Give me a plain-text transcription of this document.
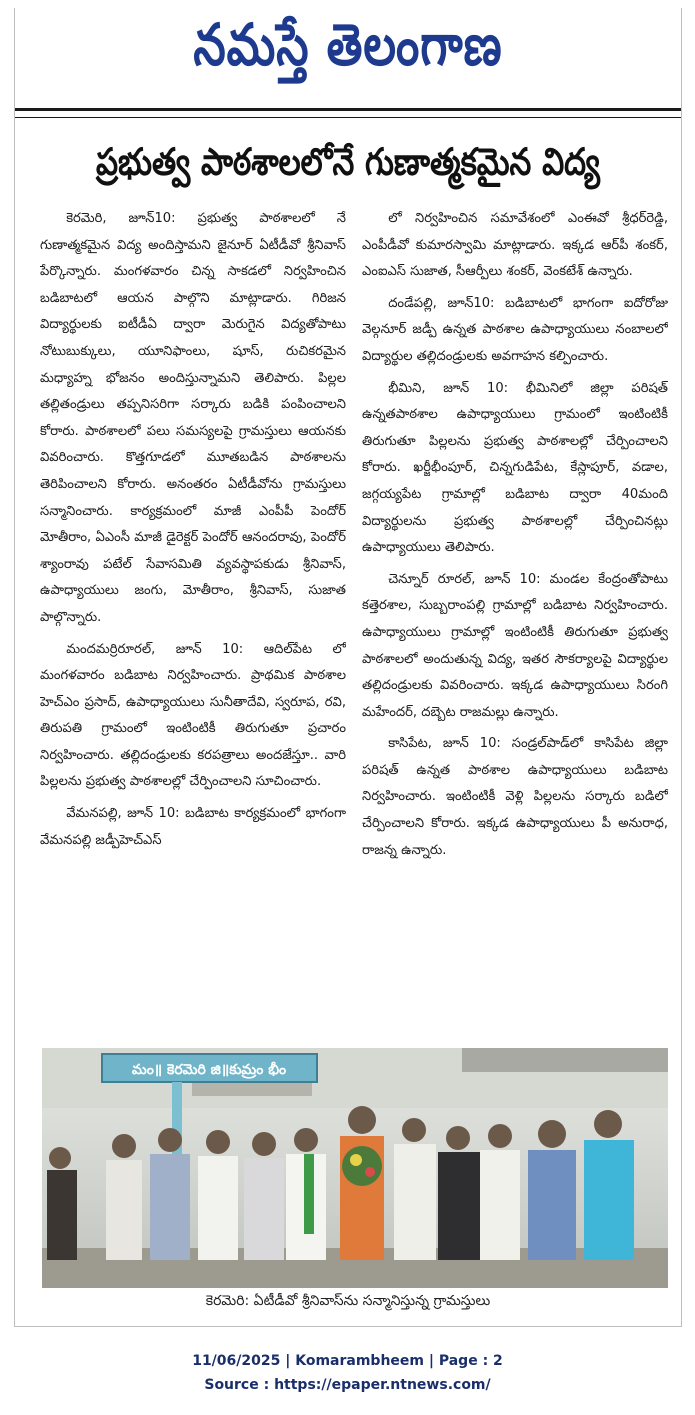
నమస్తే తెలంగాణ
ప్రభుత్వ పాఠశాలలోనే గుణాత్మకమైన విద్య

కెరమెరి, జూన్10: ప్రభుత్వ పాఠశాలలో నే గుణాత్మకమైన విద్య అందిస్తామని జైనూర్ ఏటీడీవో శ్రీనివాస్ పేర్కొన్నారు. మంగళవారం చిన్న సాకడలో నిర్వహించిన బడిబాటలో ఆయన పాల్గొని మాట్లాడారు. గిరిజన విద్యార్థులకు ఐటీడీఏ ద్వారా మెరుగైన విద్యతోపాటు నోటుబుక్కులు, యూనిఫాంలు, షూస్, రుచికరమైన మధ్యాహ్న భోజనం అందిస్తున్నామని తెలిపారు. పిల్లల తల్లితండ్రులు తప్పనిసరిగా సర్కారు బడికి పంపించాలని కోరారు. పాఠశాలలో పలు సమస్యలపై గ్రామస్తులు ఆయనకు వివరించారు. కొత్తగూడలో మూతబడిన పాఠశాలను తెరిపించాలని కోరారు. అనంతరం ఏటీడీవోను గ్రామస్తులు సన్మానించారు. కార్యక్రమంలో మాజీ ఎంపీపీ పెందోర్ మోతీరాం, ఏఎంసీ మాజీ డైరెక్టర్ పెందోర్ ఆనందరావు, పెందోర్ శ్యాంరావు పటేల్ సేవాసమితి వ్యవస్థాపకుడు శ్రీనివాస్, ఉపాధ్యాయులు జంగు, మోతీరాం, శ్రీనివాస్, సుజాత పాల్గొన్నారు.

మందమర్రిరూరల్, జూన్ 10: ఆదిల్‌పేట లో మంగళవారం బడిబాట నిర్వహించారు. ప్రాథమిక పాఠశాల హెచ్ఎం ప్రసాద్, ఉపాధ్యాయులు సునీతాదేవి, స్వరూప, రవి, తిరుపతి గ్రామంలో ఇంటింటికీ తిరుగుతూ ప్రచారం నిర్వహించారు. తల్లిదండ్రులకు కరపత్రాలు అందజేస్తూ.. వారి పిల్లలను ప్రభుత్వ పాఠశాలల్లో చేర్పించాలని సూచించారు.

వేమనపల్లి, జూన్ 10: బడిబాట కార్యక్రమంలో భాగంగా వేమనపల్లి జడ్పీహెచ్ఎస్

లో నిర్వహించిన సమావేశంలో ఎంఈవో శ్రీధర్‌రెడ్డి, ఎంపీడీవో కుమారస్వామి మాట్లాడారు. ఇక్కడ ఆర్‌పీ శంకర్, ఎంఐఎస్ సుజాత, సీఆర్పీలు శంకర్, వెంకటేశ్ ఉన్నారు.

దండేపల్లి, జూన్10: బడిబాటలో భాగంగా ఐదోరోజు వెల్గనూర్ జడ్పీ ఉన్నత పాఠశాల ఉపాధ్యాయులు నంబాలలో విద్యార్థుల తల్లిదండ్రులకు అవగాహన కల్పించారు.

భీమిని, జూన్ 10: భీమినిలో జిల్లా పరిషత్ ఉన్నతపాఠశాల ఉపాధ్యాయులు గ్రామంలో ఇంటింటికీ తిరుగుతూ పిల్లలను ప్రభుత్వ పాఠశాలల్లో చేర్పించాలని కోరారు. ఖర్జీభీంపూర్, చిన్నగుడిపేట, కేస్లాపూర్, వడాల, జగ్గయ్యపేట గ్రామాల్లో బడిబాట ద్వారా 40మంది విద్యార్థులను ప్రభుత్వ పాఠశాలల్లో చేర్పించినట్లు ఉపాధ్యాయులు తెలిపారు.

చెన్నూర్ రూరల్, జూన్ 10: మండల కేంద్రంతోపాటు కత్తెరశాల, సుబ్బరాంపల్లి గ్రామాల్లో బడిబాట నిర్వహించారు. ఉపాధ్యాయులు గ్రామాల్లో ఇంటింటికీ తిరుగుతూ ప్రభుత్వ పాఠశాలలో అందుతున్న విద్య, ఇతర సౌకర్యాలపై విద్యార్థుల తల్లిదండ్రులకు వివరించారు. ఇక్కడ ఉపాధ్యాయులు సిరంగి మహేందర్, దబ్బెట రాజమల్లు ఉన్నారు.

కాసిపేట, జూన్ 10: సండ్రల్‌పాడ్‌లో కాసిపేట జిల్లా పరిషత్ ఉన్నత పాఠశాల ఉపాధ్యాయులు బడిబాట నిర్వహించారు. ఇంటింటికీ వెళ్లి పిల్లలను సర్కారు బడిలో చేర్పించాలని కోరారు. ఇక్కడ ఉపాధ్యాయులు పీ అనురాధ, రాజన్న ఉన్నారు.

మం॥ కెరమెరి జి॥కుమ్రం భీం
కెరమెరి: ఏటీడీవో శ్రీనివాస్‌ను సన్మానిస్తున్న గ్రామస్తులు
11/06/2025 | Komarambheem | Page : 2
Source : https://epaper.ntnews.com/
